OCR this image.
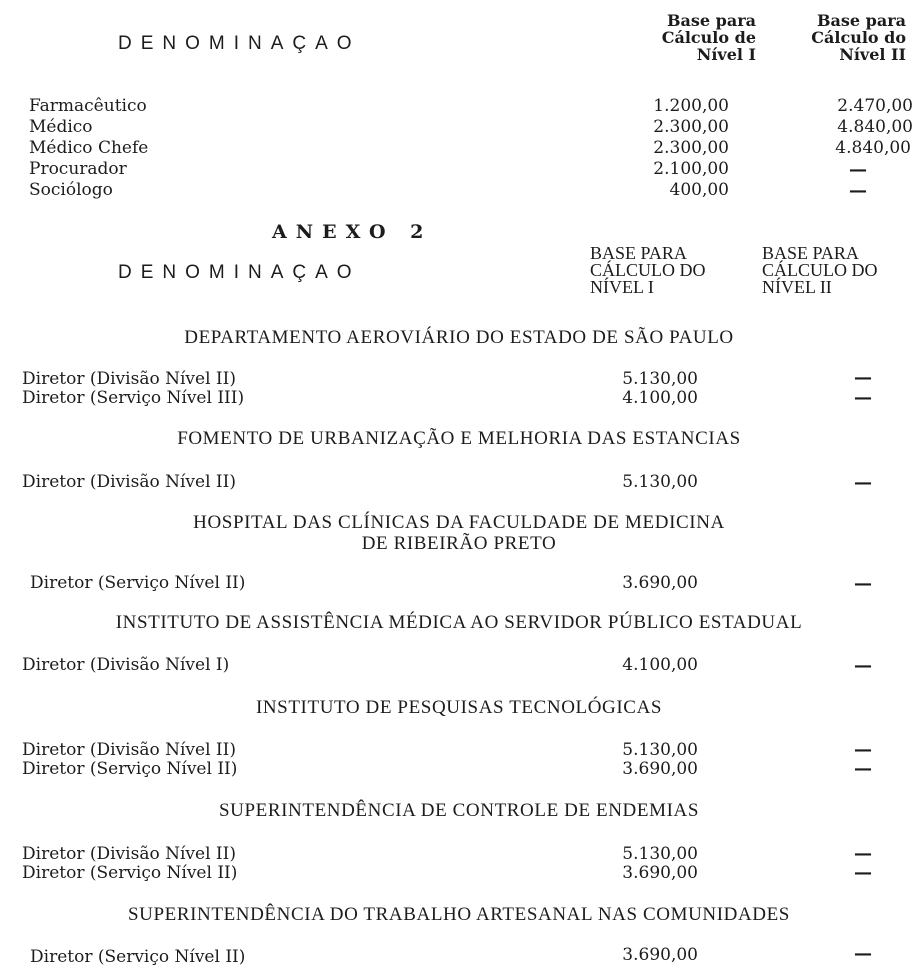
DENOMINAÇAO
Base para
Cálculo de
Nível I
Base para
Cálculo do
Nível II
Farmacêutico	1.200,00	2.470,00
Médico	2.300,00	4.840,00
Médico Chefe	2.300,00	4.840,00
Procurador	2.100,00	—
Sociólogo	400,00	—
ANEXO 2
DENOMINAÇAO
BASE PARA
CÁLCULO DO
NÍVEL I
BASE PARA
CÁLCULO DO
NÍVEL II
DEPARTAMENTO AEROVIÁRIO DO ESTADO DE SÃO PAULO
Diretor (Divisão Nível II)	5.130,00	—
Diretor (Serviço Nível III)	4.100,00	—
FOMENTO DE URBANIZAÇÃO E MELHORIA DAS ESTANCIAS
Diretor (Divisão Nível II)	5.130,00	—
HOSPITAL DAS CLÍNICAS DA FACULDADE DE MEDICINA
DE RIBEIRÃO PRETO
Diretor (Serviço Nível II)	3.690,00	—
INSTITUTO DE ASSISTÊNCIA MÉDICA AO SERVIDOR PÚBLICO ESTADUAL
Diretor (Divisão Nível I)	4.100,00	—
INSTITUTO DE PESQUISAS TECNOLÓGICAS
Diretor (Divisão Nível II)	5.130,00	—
Diretor (Serviço Nível II)	3.690,00	—
SUPERINTENDÊNCIA DE CONTROLE DE ENDEMIAS
Diretor (Divisão Nível II)	5.130,00	—
Diretor (Serviço Nível II)	3.690,00	—
SUPERINTENDÊNCIA DO TRABALHO ARTESANAL NAS COMUNIDADES
Diretor (Serviço Nível II)	3.690,00	—
